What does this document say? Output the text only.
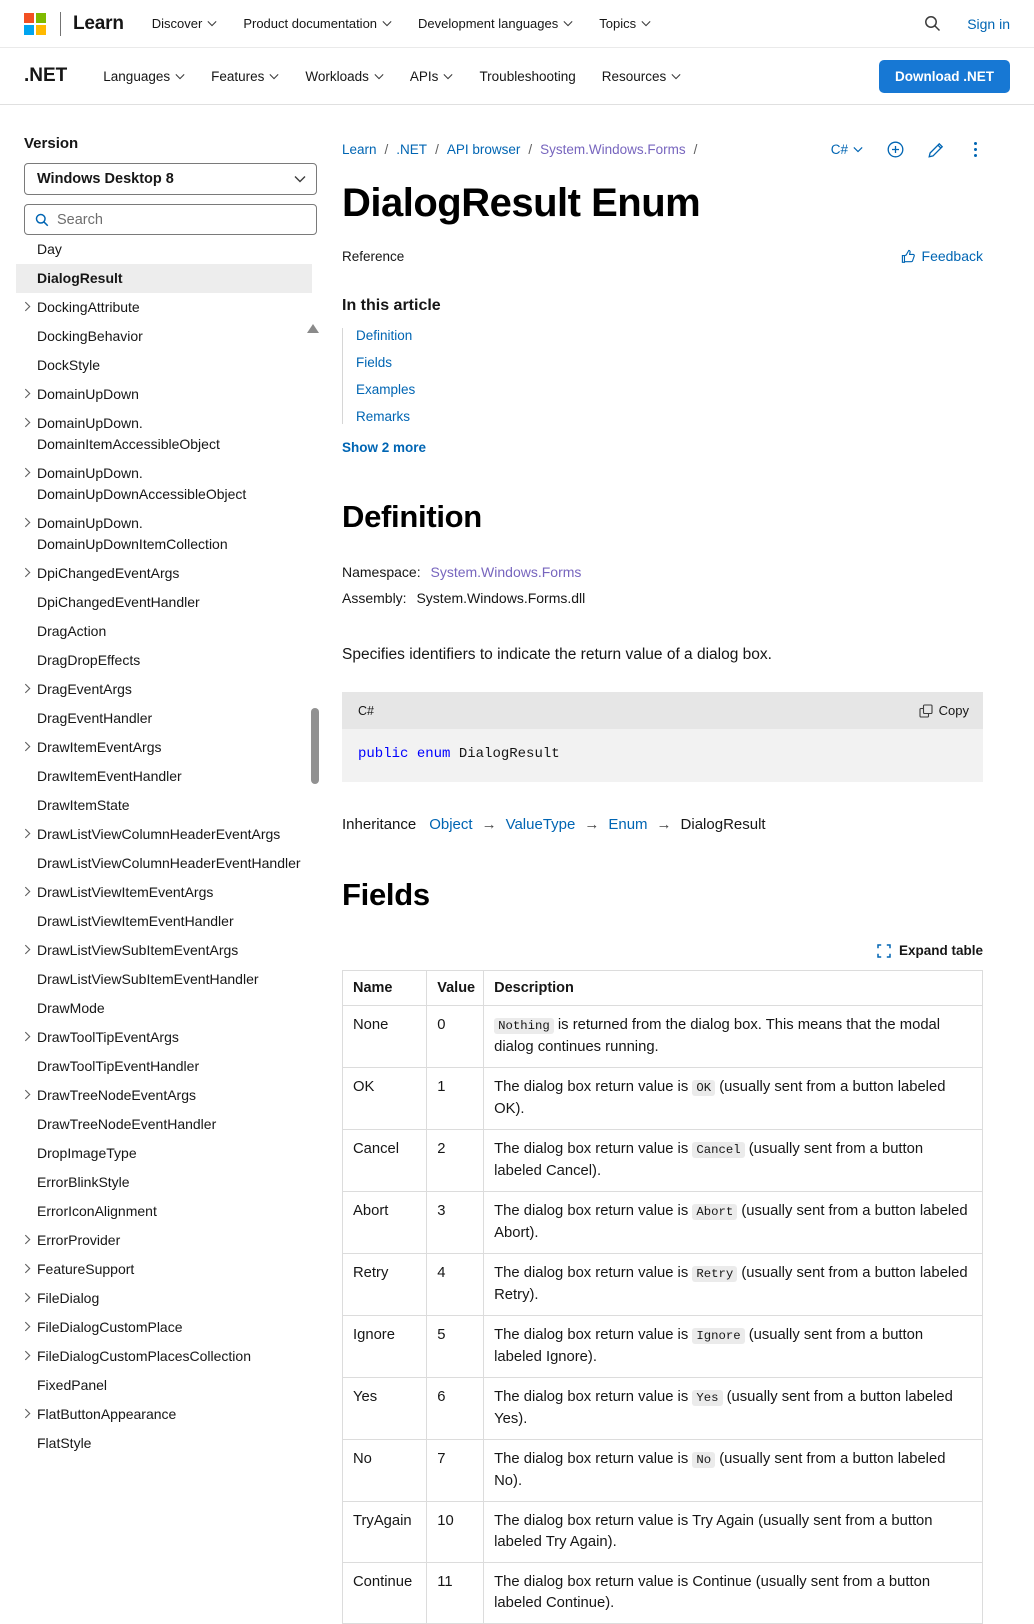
Learn Discover	Product documentation	Development languages	Topics	Sign in
.NET	Languages	Features	Workloads	APIs	Troubleshooting Resources	Download .NET
Version
Windows Desktop 8
Search
Day
DialogResult
DockingAttribute
DockingBehavior
DockStyle
DomainUpDown
DomainUpDown.​DomainItemAccessibleObject
DomainUpDown.​DomainUpDownAccessibleObject
DomainUpDown.​DomainUpDownItemCollection
DpiChangedEventArgs
DpiChangedEventHandler
DragAction
DragDropEffects
DragEventArgs
DragEventHandler
DrawItemEventArgs
DrawItemEventHandler
DrawItemState
DrawListViewColumnHeaderEventArgs
DrawListViewColumnHeaderEventHandler
DrawListViewItemEventArgs
DrawListViewItemEventHandler
DrawListViewSubItemEventArgs
DrawListViewSubItemEventHandler
DrawMode
DrawToolTipEventArgs
DrawToolTipEventHandler
DrawTreeNodeEventArgs
DrawTreeNodeEventHandler
DropImageType
ErrorBlinkStyle
ErrorIconAlignment
ErrorProvider
FeatureSupport
FileDialog
FileDialogCustomPlace
FileDialogCustomPlacesCollection
FixedPanel
FlatButtonAppearance
FlatStyle
Learn / .NET / API browser / System.Windows.Forms /	C#
DialogResult Enum
Reference	Feedback
In this article
Definition
Fields
Examples
Remarks
Show 2 more
Definition
Namespace: System.Windows.Forms
Assembly: System.Windows.Forms.dll

Specifies identifiers to indicate the return value of a dialog box.

C#	Copy
public enum DialogResult
Inheritance Object → ValueType → Enum → DialogResult
Fields
Expand table
Name	Value	Description
None	0	Nothing is returned from the dialog box. This means that the modal dialog continues running.
OK	1	The dialog box return value is OK (usually sent from a button labeled OK).
Cancel	2	The dialog box return value is Cancel (usually sent from a button labeled Cancel).
Abort	3	The dialog box return value is Abort (usually sent from a button labeled Abort).
Retry	4	The dialog box return value is Retry (usually sent from a button labeled Retry).
Ignore	5	The dialog box return value is Ignore (usually sent from a button labeled Ignore).
Yes	6	The dialog box return value is Yes (usually sent from a button labeled Yes).
No	7	The dialog box return value is No (usually sent from a button labeled No).
TryAgain	10	The dialog box return value is Try Again (usually sent from a button labeled Try Again).
Continue	11	The dialog box return value is Continue (usually sent from a button labeled Continue).
